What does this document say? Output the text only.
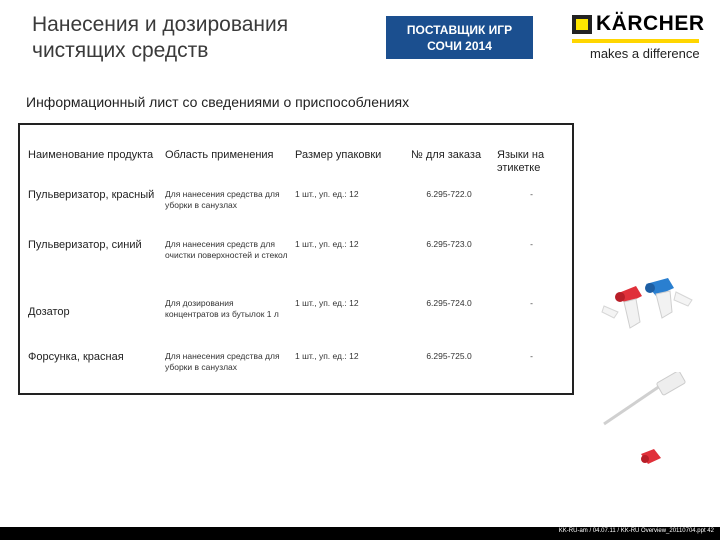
Нанесения и дозирования
чистящих средств
ПОСТАВЩИК ИГР
СОЧИ 2014
KÄRCHER
makes a difference
Информационный лист со сведениями о приспособлениях
Наименование продукта	Область применения	Размер упаковки	№ для заказа	Языки на этикетке

Пульверизатор, красный	Для нанесения средства для уборки в санузлах	1 шт., уп. ед.: 12	6.295-722.0	-

Пульверизатор, синий	Для нанесения средств для очистки поверхностей и стекол	1 шт., уп. ед.: 12	6.295-723.0	-

Дозатор	Для дозирования концентратов из бутылок 1 л	1 шт., уп. ед.: 12	6.295-724.0	-

Форсунка, красная	Для нанесения средства для уборки в санузлах	1 шт., уп. ед.: 12	6.295-725.0	-
KK-RU-am / 04.07.11 / KK-RU Overview_20110704.ppt 42
